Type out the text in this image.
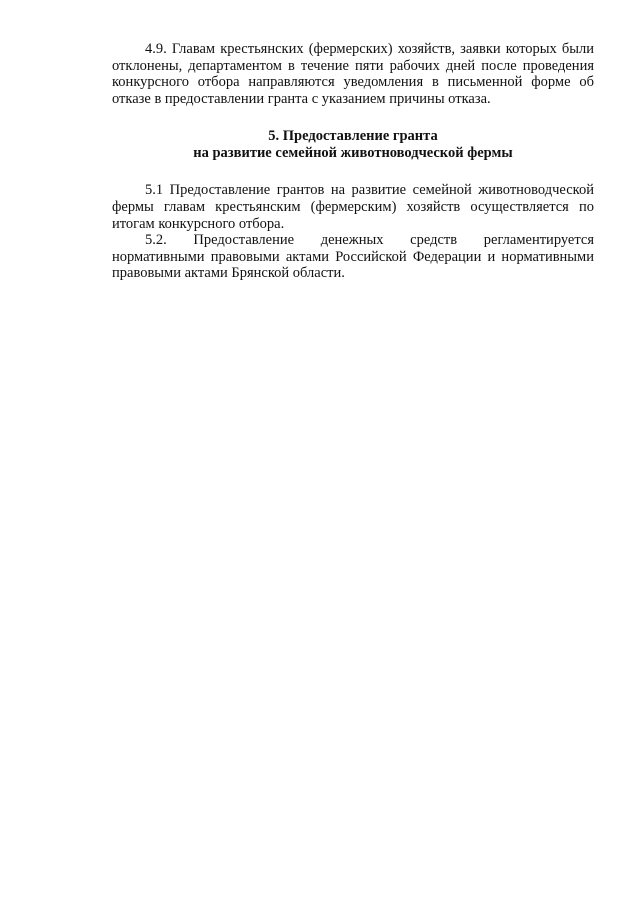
4.9. Главам крестьянских (фермерских) хозяйств, заявки которых были отклонены, департаментом в течение пяти рабочих дней после проведения конкурсного отбора направляются уведомления в письменной форме об отказе в предоставлении гранта с указанием причины отказа.

5. Предоставление гранта
на развитие семейной животноводческой фермы

5.1 Предоставление грантов на развитие семейной животноводческой фермы главам крестьянским (фермерским) хозяйств осуществляется по итогам конкурсного отбора.

5.2. Предоставление денежных средств регламентируется

нормативными правовыми актами Российской Федерации и нормативными правовыми актами Брянской области.
